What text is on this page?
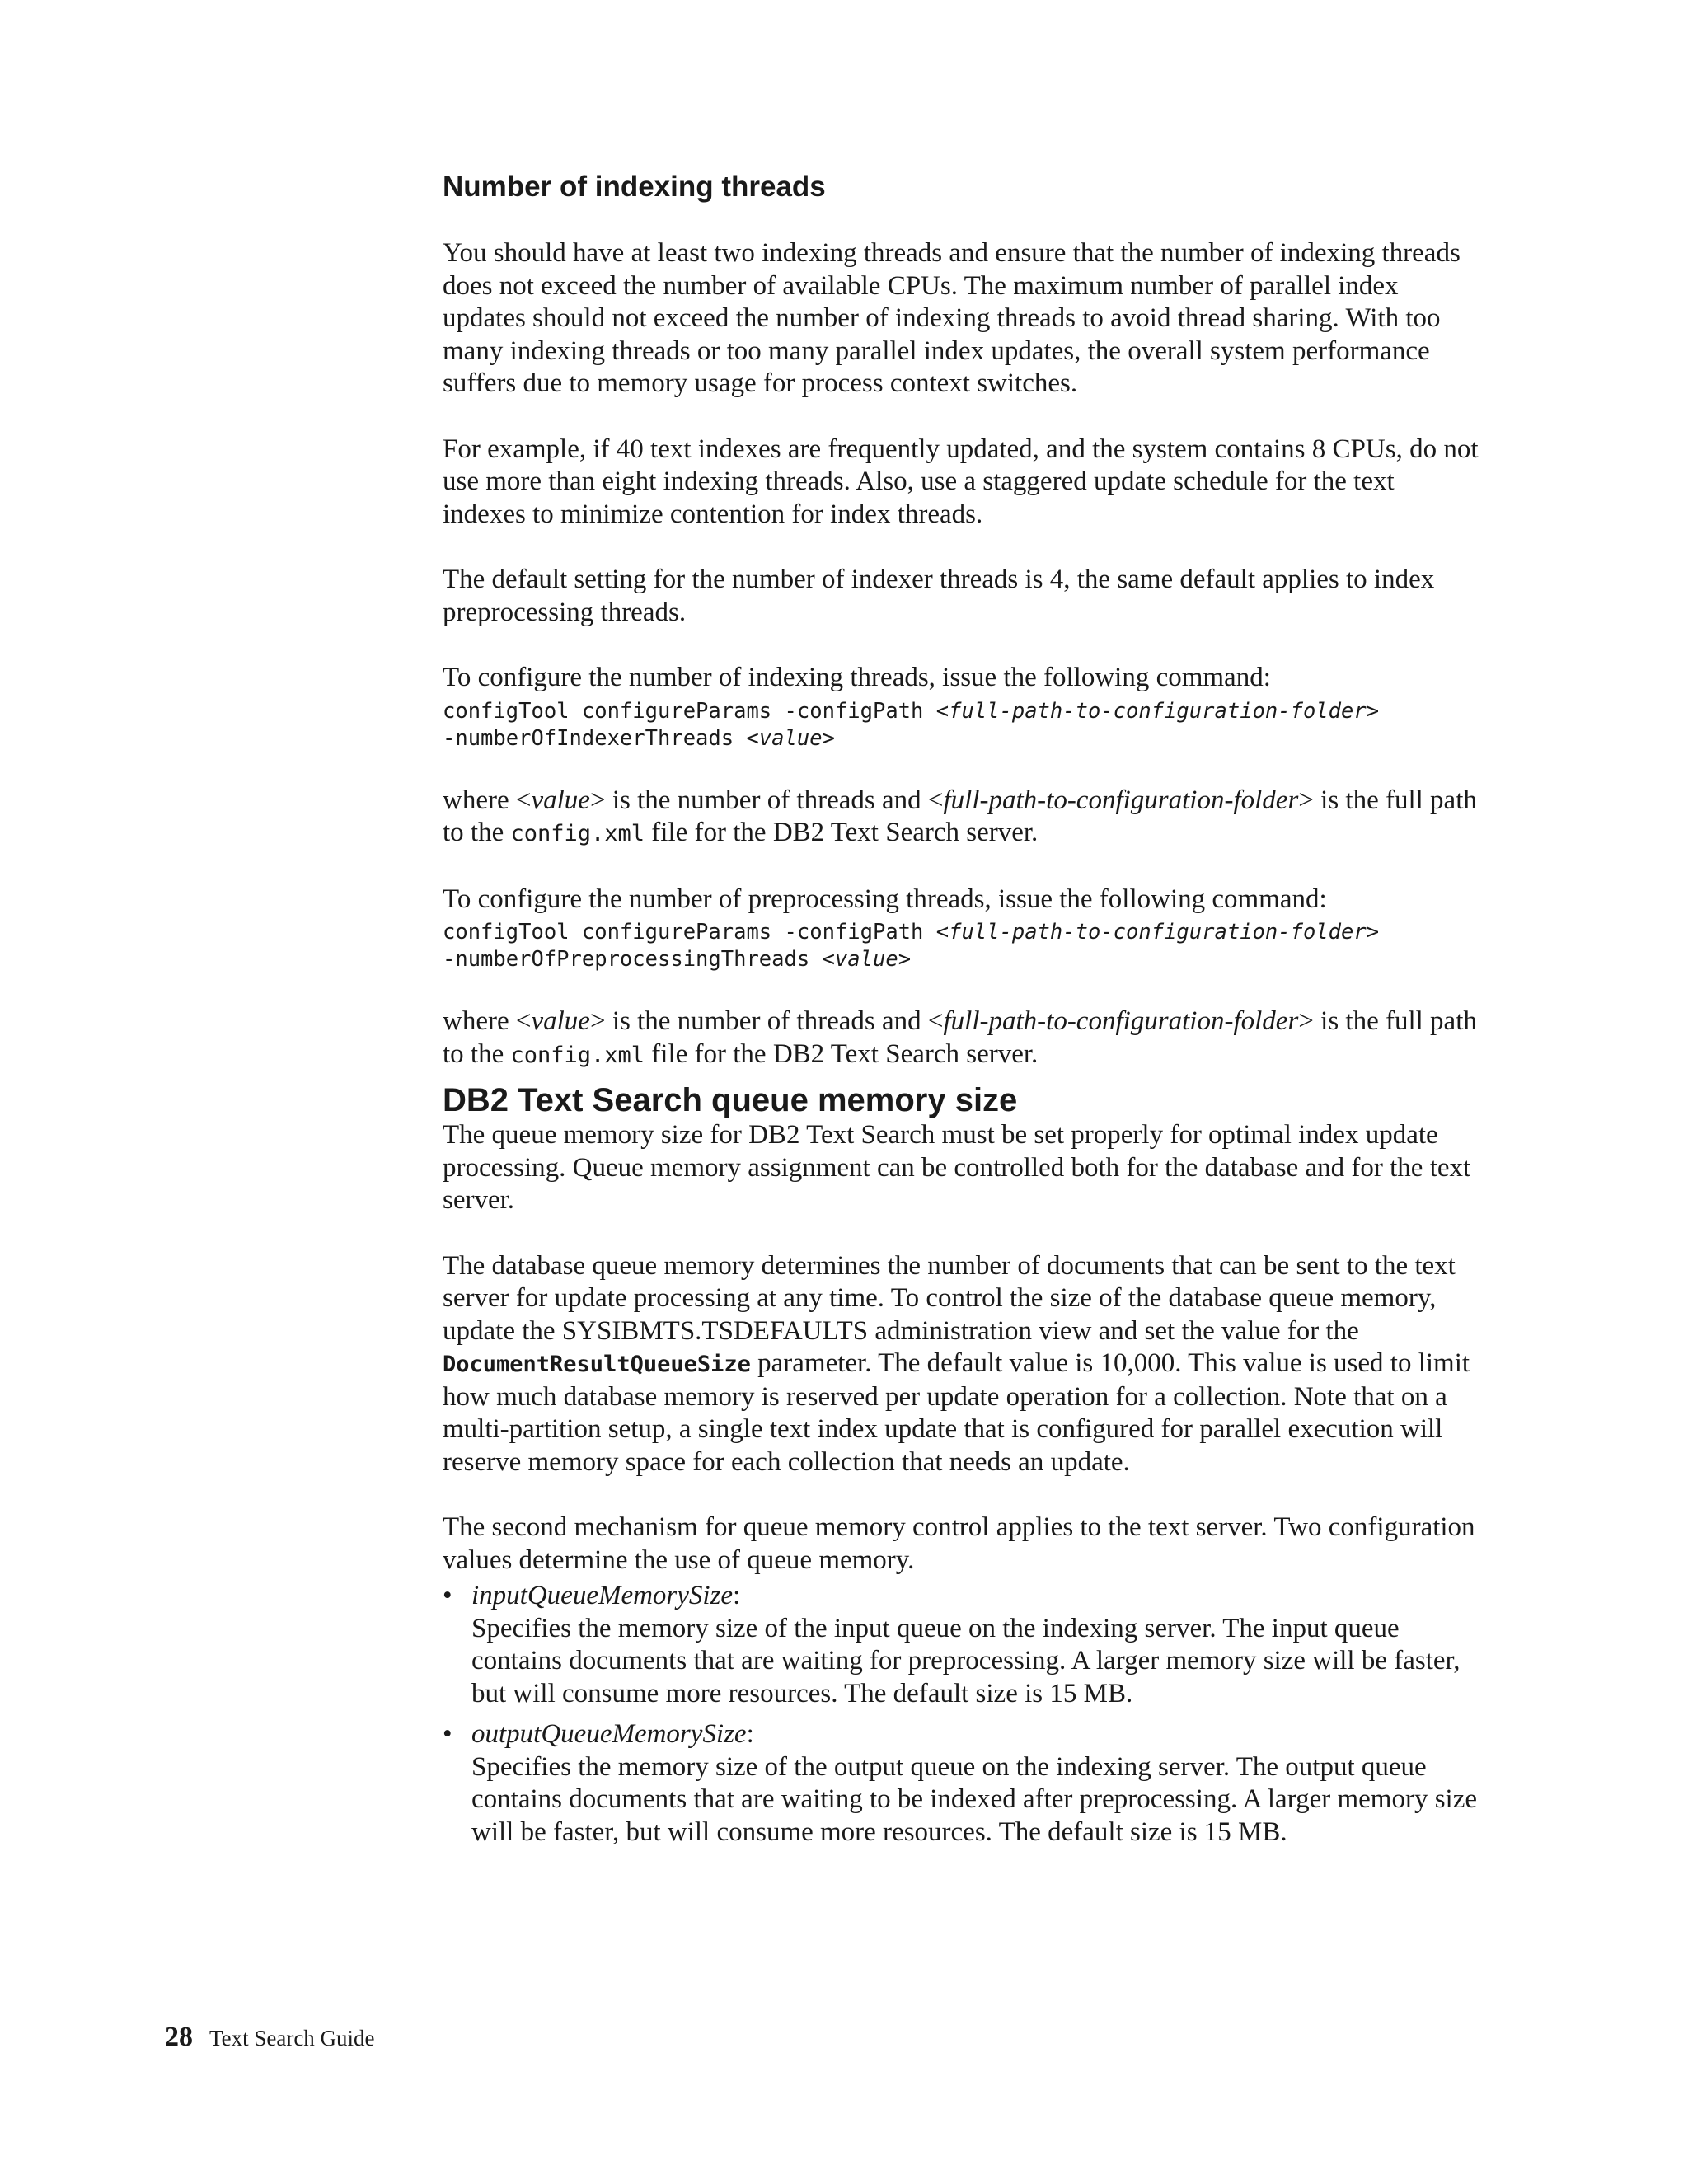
Number of indexing threads

You should have at least two indexing threads and ensure that the number of indexing threads does not exceed the number of available CPUs. The maximum number of parallel index updates should not exceed the number of indexing threads to avoid thread sharing. With too many indexing threads or too many parallel index updates, the overall system performance suffers due to memory usage for process context switches.

For example, if 40 text indexes are frequently updated, and the system contains 8 CPUs, do not use more than eight indexing threads. Also, use a staggered update schedule for the text indexes to minimize contention for index threads.

The default setting for the number of indexer threads is 4, the same default applies to index preprocessing threads.

To configure the number of indexing threads, issue the following command:

configTool configureParams -configPath <full-path-to-configuration-folder>
-numberOfIndexerThreads <value>

where <value> is the number of threads and <full-path-to-configuration-folder> is the full path to the config.xml file for the DB2 Text Search server.

To configure the number of preprocessing threads, issue the following command:

configTool configureParams -configPath <full-path-to-configuration-folder>
-numberOfPreprocessingThreads <value>

where <value> is the number of threads and <full-path-to-configuration-folder> is the full path to the config.xml file for the DB2 Text Search server.

DB2 Text Search queue memory size

The queue memory size for DB2 Text Search must be set properly for optimal index update processing. Queue memory assignment can be controlled both for the database and for the text server.

The database queue memory determines the number of documents that can be sent to the text server for update processing at any time. To control the size of the database queue memory, update the SYSIBMTS.TSDEFAULTS administration view and set the value for the DocumentResultQueueSize parameter. The default value is 10,000. This value is used to limit how much database memory is reserved per update operation for a collection. Note that on a multi-partition setup, a single text index update that is configured for parallel execution will reserve memory space for each collection that needs an update.

The second mechanism for queue memory control applies to the text server. Two configuration values determine the use of queue memory.

• inputQueueMemorySize:
Specifies the memory size of the input queue on the indexing server. The input queue contains documents that are waiting for preprocessing. A larger memory size will be faster, but will consume more resources. The default size is 15 MB.
• outputQueueMemorySize:
Specifies the memory size of the output queue on the indexing server. The output queue contains documents that are waiting to be indexed after preprocessing. A larger memory size will be faster, but will consume more resources. The default size is 15 MB.
28 Text Search Guide
